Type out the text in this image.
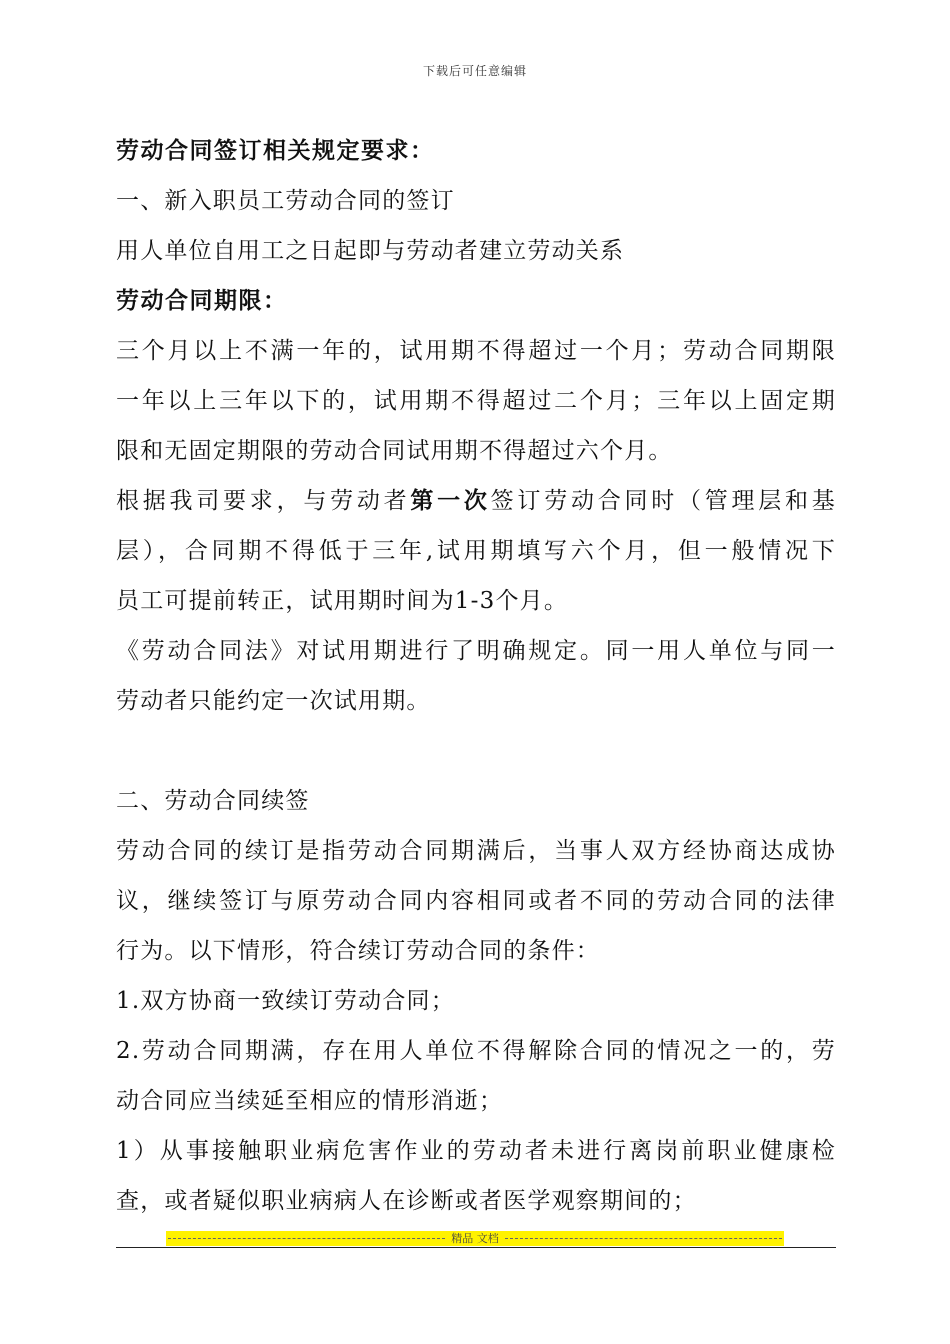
下载后可任意编辑
劳动合同签订相关规定要求：
一、新入职员工劳动合同的签订
用人单位自用工之日起即与劳动者建立劳动关系
劳动合同期限：
三个月以上不满一年的，试用期不得超过一个月；劳动合同期限
一年以上三年以下的，试用期不得超过二个月；三年以上固定期
限和无固定期限的劳动合同试用期不得超过六个月。
根据我司要求，与劳动者第一次签订劳动合同时（管理层和基
层），合同期不得低于三年,试用期填写六个月，但一般情况下
员工可提前转正，试用期时间为1-3个月。
《劳动合同法》对试用期进行了明确规定。同一用人单位与同一
劳动者只能约定一次试用期。
二、劳动合同续签
劳动合同的续订是指劳动合同期满后，当事人双方经协商达成协
议，继续签订与原劳动合同内容相同或者不同的劳动合同的法律
行为。以下情形，符合续订劳动合同的条件：
1.双方协商一致续订劳动合同；
2.劳动合同期满，存在用人单位不得解除合同的情况之一的，劳
动合同应当续延至相应的情形消逝；
1）从事接触职业病危害作业的劳动者未进行离岗前职业健康检
查，或者疑似职业病病人在诊断或者医学观察期间的；
精品 文档
